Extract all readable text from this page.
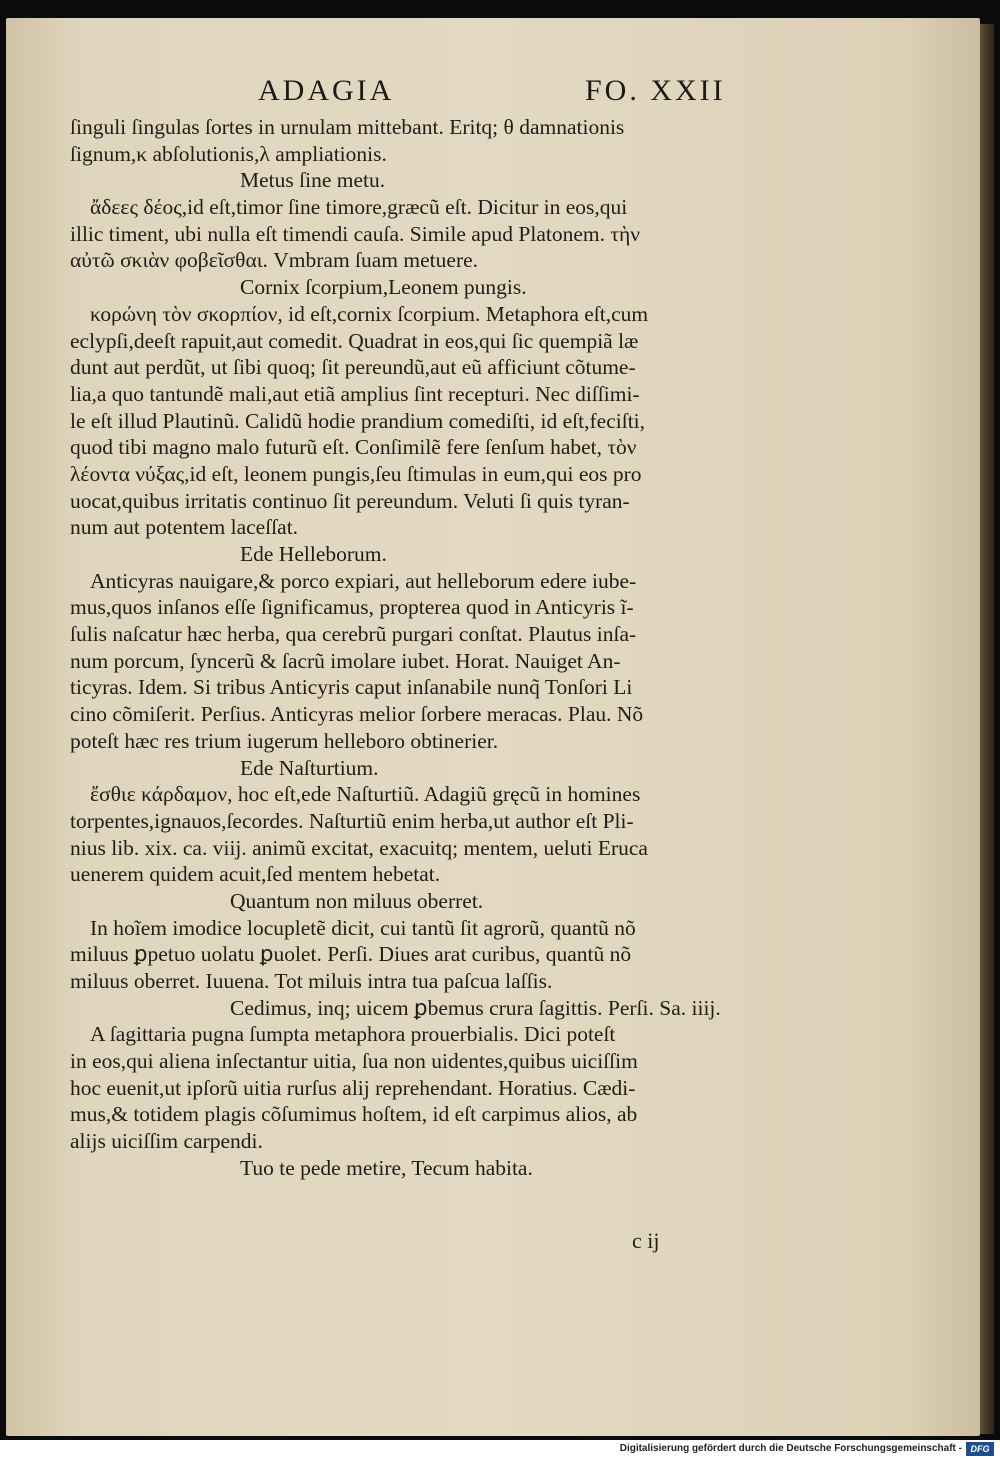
ADAGIA	FO. XXII
ſinguli ſingulas ſortes in urnulam mittebant. Eritq; θ damnationis
ſignum,κ abſolutionis,λ ampliationis.
Metus ſine metu.
ἄδεες δέος,id eſt,timor ſine timore,græcũ eſt. Dicitur in eos,qui
illic timent, ubi nulla eſt timendi cauſa. Simile apud Platonem. τὴν
αὐτῶ σκιὰν φοβεῖσθαι. Vmbram ſuam metuere.
Cornix ſcorpium,Leonem pungis.
κορώνη τὸν σκορπίον, id eſt,cornix ſcorpium. Metaphora eſt,cum
eclypſi,deeſt rapuit,aut comedit. Quadrat in eos,qui ſic quempiã læ
dunt aut perdũt, ut ſibi quoq; ſit pereundũ,aut eũ afficiunt cõtume-
lia,a quo tantundẽ mali,aut etiã amplius ſint recepturi. Nec diſſimi-
le eſt illud Plautinũ. Calidũ hodie prandium comediſti, id eſt,feciſti,
quod tibi magno malo futurũ eſt. Conſimilẽ fere ſenſum habet, τὸν
λέοντα νύξας,id eſt, leonem pungis,ſeu ſtimulas in eum,qui eos pro
uocat,quibus irritatis continuo ſit pereundum. Veluti ſi quis tyran-
num aut potentem laceſſat.
Ede Helleborum.
Anticyras nauigare,& porco expiari, aut helleborum edere iube-
mus,quos inſanos eſſe ſignificamus, propterea quod in Anticyris ĩ-
ſulis naſcatur hæc herba, qua cerebrũ purgari conſtat. Plautus inſa-
num porcum, ſyncerũ & ſacrũ imolare iubet. Horat. Nauiget An-
ticyras. Idem. Si tribus Anticyris caput inſanabile nunq̃ Tonſori Li
cino cõmiſerit. Perſius. Anticyras melior ſorbere meracas. Plau. Nõ
poteſt hæc res trium iugerum helleboro obtinerier.
Ede Naſturtium.
ἔσθιε κάρδαμον, hoc eſt,ede Naſturtiũ. Adagiũ gręcũ in homines
torpentes,ignauos,ſecordes. Naſturtiũ enim herba,ut author eſt Pli-
nius lib. xix. ca. viij. animũ excitat, exacuitq; mentem, ueluti Eruca
uenerem quidem acuit,ſed mentem hebetat.
Quantum non miluus oberret.
In hoĩem imodice locupletẽ dicit, cui tantũ ſit agrorũ, quantũ nõ
miluus ꝑpetuo uolatu ꝑuolet. Perſi. Diues arat curibus, quantũ nõ
miluus oberret. Iuuena. Tot miluis intra tua paſcua laſſis.
Cedimus, inq; uicem ꝑbemus crura ſagittis. Perſi. Sa. iiij.
A ſagittaria pugna ſumpta metaphora prouerbialis. Dici poteſt
in eos,qui aliena inſectantur uitia, ſua non uidentes,quibus uiciſſim
hoc euenit,ut ipſorũ uitia rurſus alij reprehendant. Horatius. Cædi-
mus,& totidem plagis cõſumimus hoſtem, id eſt carpimus alios, ab
alijs uiciſſim carpendi.
Tuo te pede metire, Tecum habita.
c ij
Digitalisierung gefördert durch die Deutsche Forschungsgemeinschaft - DFG
